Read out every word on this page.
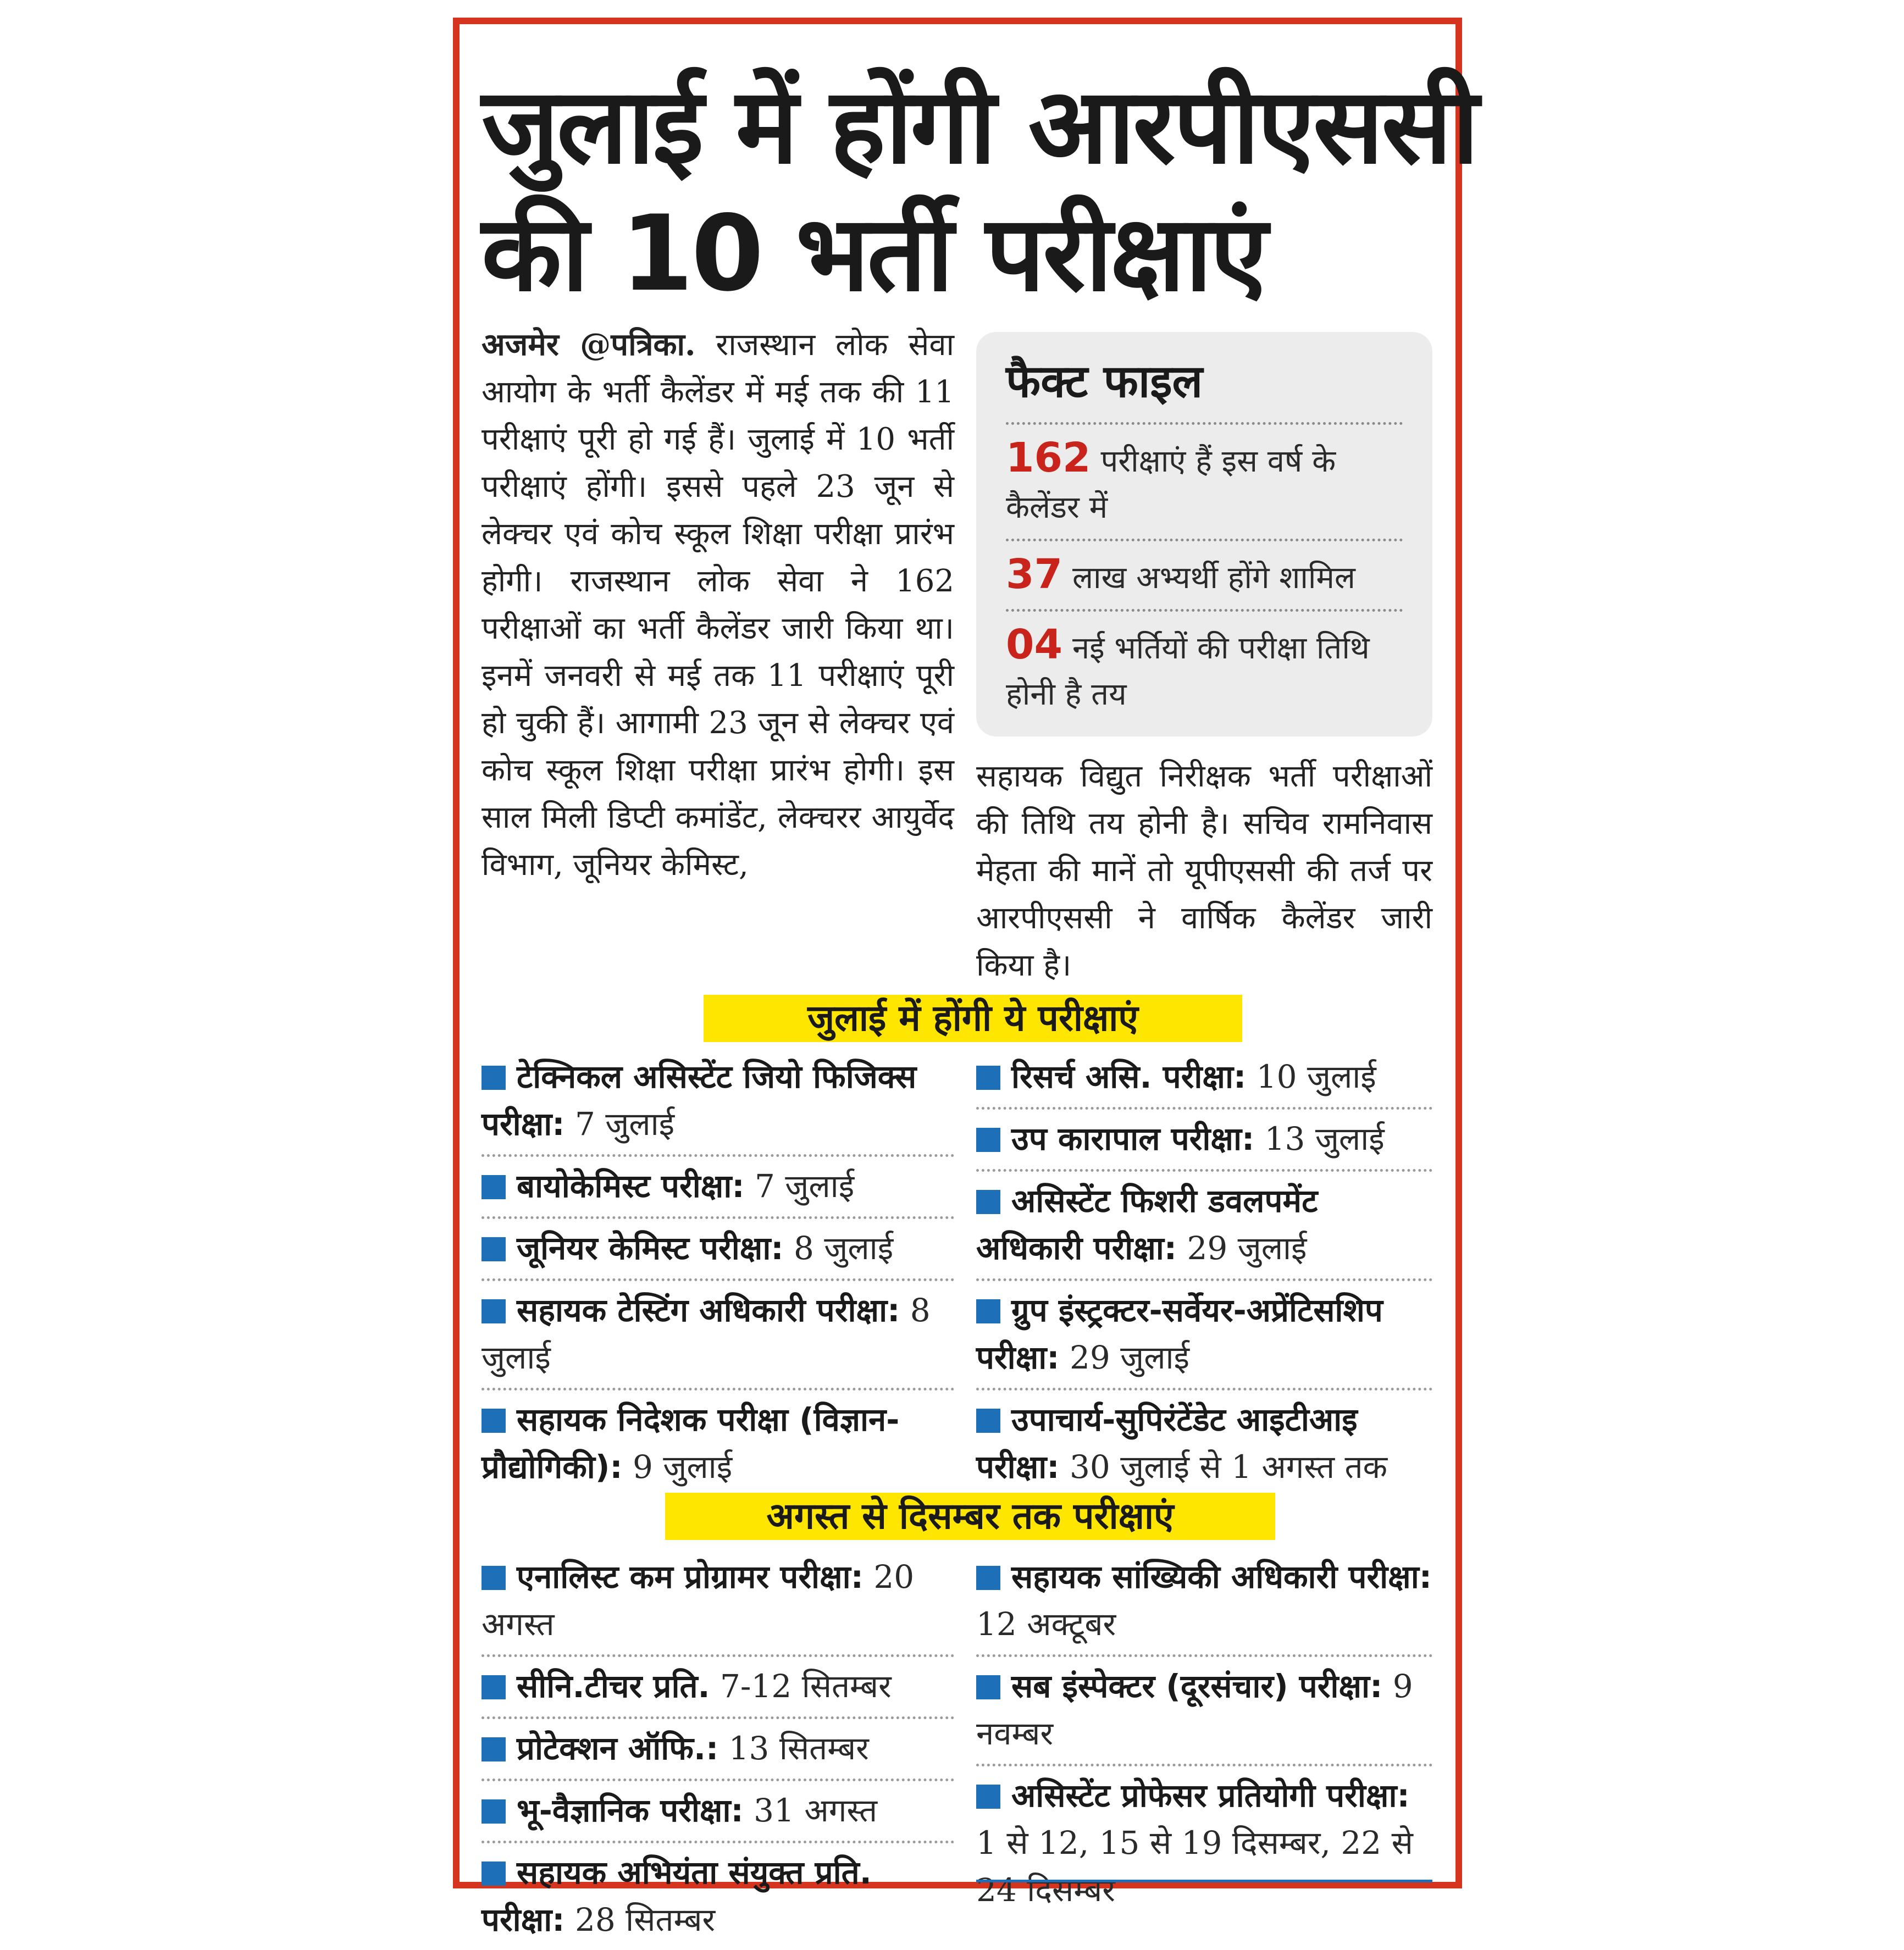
जुलाई में होंगी आरपीएससी
की 10 भर्ती परीक्षाएं

अजमेर @पत्रिका. राजस्थान लोक सेवा आयोग के भर्ती कैलेंडर में मई तक की 11 परीक्षाएं पूरी हो गई हैं। जुलाई में 10 भर्ती परीक्षाएं होंगी। इससे पहले 23 जून से लेक्चर एवं कोच स्कूल शिक्षा परीक्षा प्रारंभ होगी। राजस्थान लोक सेवा ने 162 परीक्षाओं का भर्ती कैलेंडर जारी किया था। इनमें जनवरी से मई तक 11 परीक्षाएं पूरी हो चुकी हैं। आगामी 23 जून से लेक्चर एवं कोच स्कूल शिक्षा परीक्षा प्रारंभ होगी। इस साल मिली डिप्टी कमांडेंट, लेक्चरर आयुर्वेद विभाग, जूनियर केमिस्ट,

फैक्ट फाइल
162 परीक्षाएं हैं इस वर्ष के कैलेंडर में
37 लाख अभ्यर्थी होंगे शामिल
04 नई भर्तियों की परीक्षा तिथि होनी है तय

सहायक विद्युत निरीक्षक भर्ती परीक्षाओं की तिथि तय होनी है। सचिव रामनिवास मेहता की मानें तो यूपीएससी की तर्ज पर आरपीएससी ने वार्षिक कैलेंडर जारी किया है।

जुलाई में होंगी ये परीक्षाएं
टेक्निकल असिस्टेंट जियो फिजिक्स परीक्षा: 7 जुलाई
बायोकेमिस्ट परीक्षा: 7 जुलाई
जूनियर केमिस्ट परीक्षा: 8 जुलाई
सहायक टेस्टिंग अधिकारी परीक्षा: 8 जुलाई
सहायक निदेशक परीक्षा (विज्ञान-प्रौद्योगिकी): 9 जुलाई
रिसर्च असि. परीक्षा: 10 जुलाई
उप कारापाल परीक्षा: 13 जुलाई
असिस्टेंट फिशरी डवलपमेंट अधिकारी परीक्षा: 29 जुलाई
ग्रुप इंस्ट्रक्टर-सर्वेयर-अप्रेंटिसशिप परीक्षा: 29 जुलाई
उपाचार्य-सुपिरंटेंडेट आइटीआइ परीक्षा: 30 जुलाई से 1 अगस्त तक
अगस्त से दिसम्बर तक परीक्षाएं
एनालिस्ट कम प्रोग्रामर परीक्षा: 20 अगस्त
सीनि.टीचर प्रति. 7-12 सितम्बर
प्रोटेक्शन ऑफि.: 13 सितम्बर
भू-वैज्ञानिक परीक्षा: 31 अगस्त
सहायक अभियंता संयुक्त प्रति. परीक्षा: 28 सितम्बर
सहायक सांख्यिकी अधिकारी परीक्षा: 12 अक्टूबर
सब इंस्पेक्टर (दूरसंचार) परीक्षा: 9 नवम्बर
असिस्टेंट प्रोफेसर प्रतियोगी परीक्षा: 1 से 12, 15 से 19 दिसम्बर, 22 से 24 दिसम्बर
